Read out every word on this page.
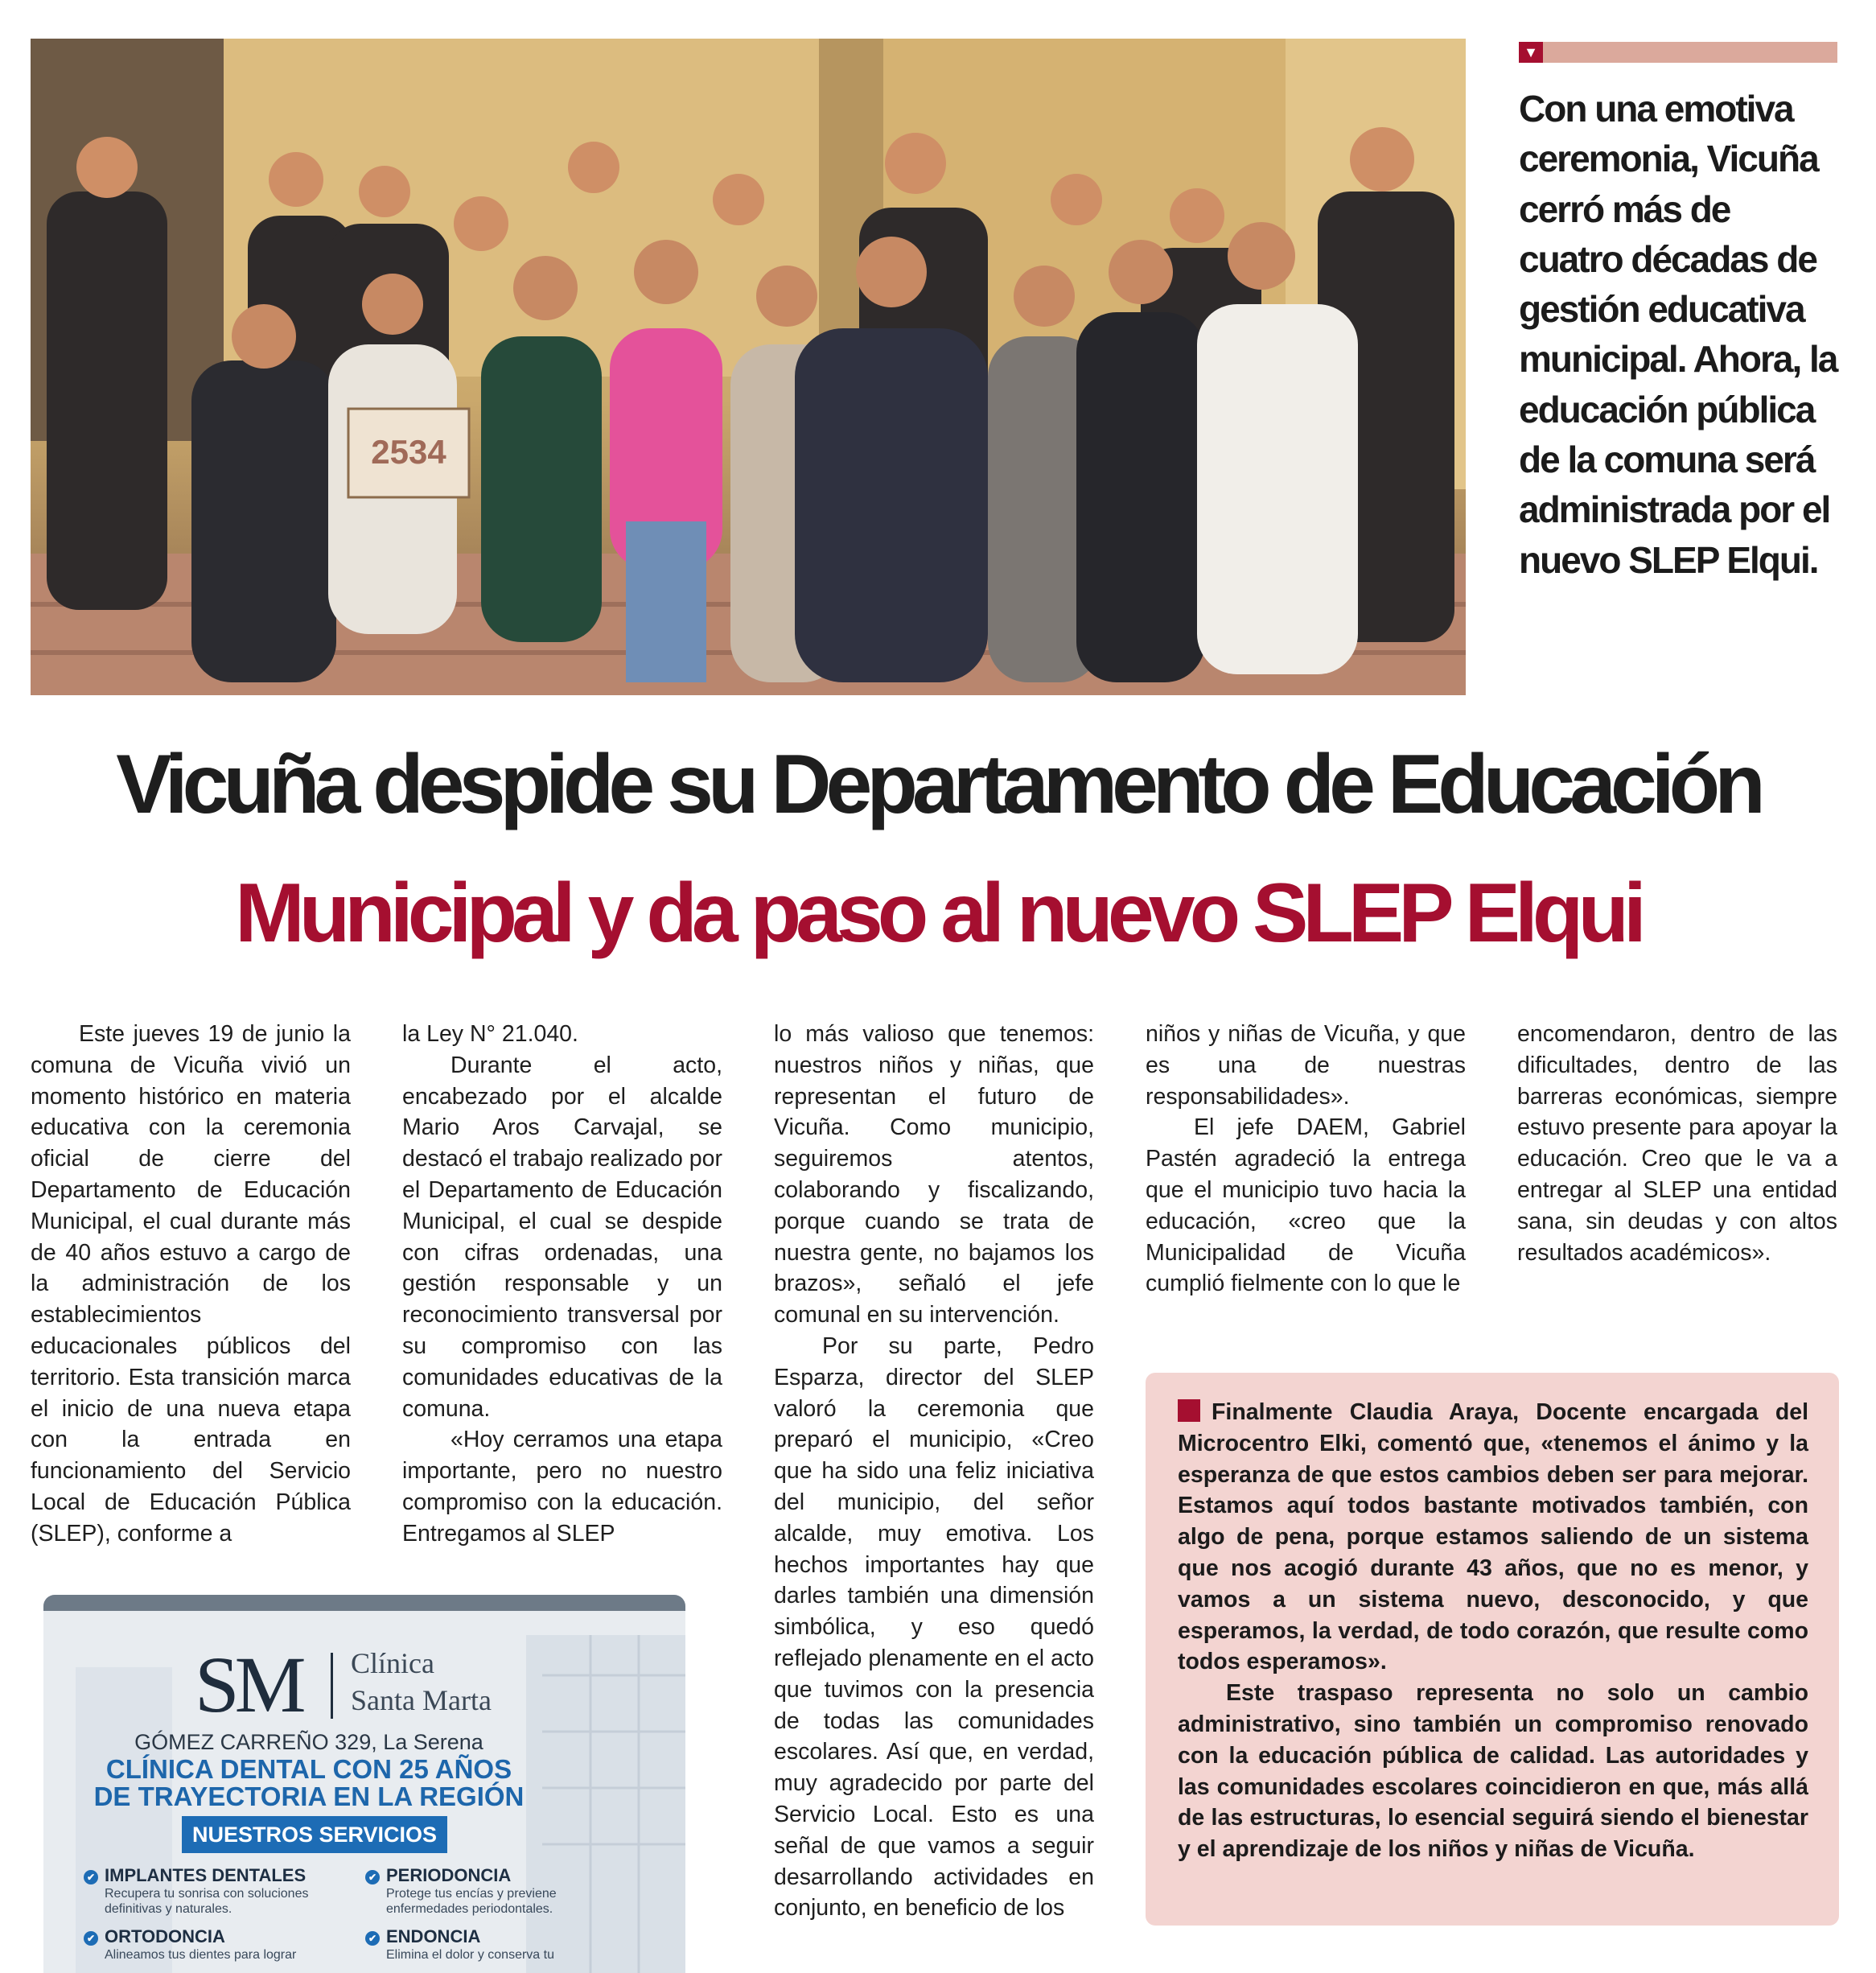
2534
▼

Con una emotiva ceremonia, Vicuña cerró más de cuatro décadas de gestión educativa municipal. Ahora, la educación pública de la comuna será administrada por el nuevo SLEP Elqui.

Vicuña despide su Departamento de Educación
Municipal y da paso al nuevo SLEP Elqui

Este jueves 19 de junio la comuna de Vicuña vivió un momento histórico en materia educativa con la ceremonia oficial de cierre del Departamento de Educación Municipal, el cual durante más de 40 años estuvo a cargo de la administración de los establecimientos educacionales públicos del territorio. Esta transición marca el inicio de una nueva etapa con la entrada en funcionamiento del Servicio Local de Educación Pública (SLEP), conforme a

la Ley N° 21.040.

Durante el acto, encabezado por el alcalde Mario Aros Carvajal, se destacó el trabajo realizado por el Departamento de Educación Municipal, el cual se despide con cifras ordenadas, una gestión responsable y un reconocimiento transversal por su compromiso con las comunidades educativas de la comuna.

«Hoy cerramos una etapa importante, pero no nuestro compromiso con la educación. Entregamos al SLEP

lo más valioso que tenemos: nuestros niños y niñas, que representan el futuro de Vicuña. Como municipio, seguiremos atentos, colaborando y fiscalizando, porque cuando se trata de nuestra gente, no bajamos los brazos», señaló el jefe comunal en su intervención.

Por su parte, Pedro Esparza, director del SLEP valoró la ceremonia que preparó el municipio, «Creo que ha sido una feliz iniciativa del municipio, del señor alcalde, muy emotiva. Los hechos importantes hay que darles también una dimensión simbólica, y eso quedó reflejado plenamente en el acto que tuvimos con la presencia de todas las comunidades escolares. Así que, en verdad, muy agradecido por parte del Servicio Local. Esto es una señal de que vamos a seguir desarrollando actividades en conjunto, en beneficio de los

niños y niñas de Vicuña, y que es una de nuestras responsabilidades».

El jefe DAEM, Gabriel Pastén agradeció la entrega que el municipio tuvo hacia la educación, «creo que la Municipalidad de Vicuña cumplió fielmente con lo que le

encomendaron, dentro de las dificultades, dentro de las barreras económicas, siempre estuvo presente para apoyar la educación. Creo que le va a entregar al SLEP una entidad sana, sin deudas y con altos resultados académicos».

Finalmente Claudia Araya, Docente encargada del Microcentro Elki, comentó que, «tenemos el ánimo y la esperanza de que estos cambios deben ser para mejorar. Estamos aquí todos bastante motivados también, con algo de pena, porque estamos saliendo de un sistema que nos acogió durante 43 años, que no es menor, y vamos a un sistema nuevo, desconocido, y que esperamos, la verdad, de todo corazón, que resulte como todos esperamos».

Este traspaso representa no solo un cambio administrativo, sino también un compromiso renovado con la educación pública de calidad. Las autoridades y las comunidades escolares coincidieron en que, más allá de las estructuras, lo esencial seguirá siendo el bienestar y el aprendizaje de los niños y niñas de Vicuña.

SM Clínica
Santa Marta
GÓMEZ CARREÑO 329, La Serena
CLÍNICA DENTAL CON 25 AÑOS
DE TRAYECTORIA EN LA REGIÓN
NUESTROS SERVICIOS
✔ IMPLANTES DENTALES
Recupera tu sonrisa con soluciones
definitivas y naturales.
✔ PERIODONCIA
Protege tus encías y previene
enfermedades periodontales.
✔ ORTODONCIA
Alineamos tus dientes para lograr
✔ ENDONCIA
Elimina el dolor y conserva tu
